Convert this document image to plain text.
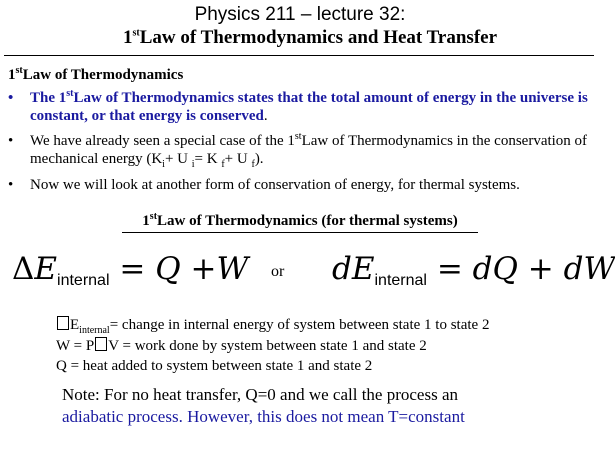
Physics 211 – lecture 32:
1stLaw of Thermodynamics and Heat Transfer
1stLaw of Thermodynamics
• The 1stLaw of Thermodynamics states that the total amount of energy in the universe is constant, or that energy is conserved.
• We have already seen a special case of the 1stLaw of Thermodynamics in the conservation of mechanical energy ($K_i+ U$ $_i$= K $_f$+ U $_f$).
• Now we will look at another form of conservation of energy, for thermal systems.
1stLaw of Thermodynamics (for thermal systems)
$\Delta E_{internal} = Q +W$ or $dE_{internal}$ = dQ + dW
$E_{internal}=$ change in internal energy of system between state 1 to state 2
W = P V = work done by system between state 1 and state 2
Q = heat added to system between state 1 and state 2
Note: For no heat transfer, Q=0 and we call the process an
adiabatic process. However, this does not mean T=constant
